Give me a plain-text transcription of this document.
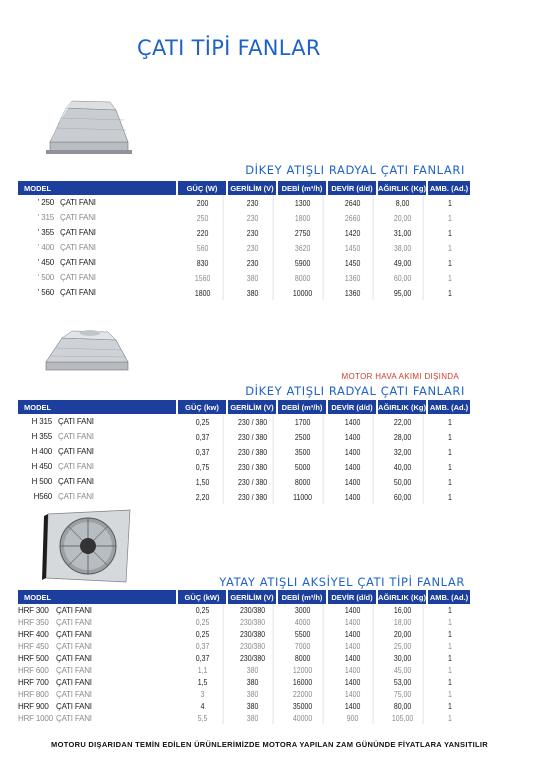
ÇATI TİPİ FANLAR
DİKEY ATIŞLI RADYAL ÇATI FANLARI
MODEL	GÜÇ (W)	GERİLİM (V)	DEBİ (m³/h)	DEVİR (d/d)	AĞIRLIK (Kg)	AMB. (Ad.)
' 250 ÇATI FANI	200	230	1300	2640	8,00	1
' 315 ÇATI FANI	250	230	1800	2660	20,00	1
' 355 ÇATI FANI	220	230	2750	1420	31,00	1
' 400 ÇATI FANI	560	230	3620	1450	38,00	1
' 450 ÇATI FANI	830	230	5900	1450	49,00	1
' 500 ÇATI FANI	1560	380	8000	1360	60,00	1
' 560 ÇATI FANI	1800	380	10000	1360	95,00	1
MOTOR HAVA AKIMI DIŞINDA
DİKEY ATIŞLI RADYAL ÇATI FANLARI
MODEL	GÜÇ (kw)	GERİLİM (V)	DEBİ (m³/h)	DEVİR (d/d)	AĞIRLIK (Kg)	AMB. (Ad.)
H 315 ÇATI FANI	0,25	230 / 380	1700	1400	22,00	1
H 355 ÇATI FANI	0,37	230 / 380	2500	1400	28,00	1
H 400 ÇATI FANI	0,37	230 / 380	3500	1400	32,00	1
H 450 ÇATI FANI	0,75	230 / 380	5000	1400	40,00	1
H 500 ÇATI FANI	1,50	230 / 380	8000	1400	50,00	1
H560 ÇATI FANI	2,20	230 / 380	11000	1400	60,00	1
YATAY ATIŞLI AKSİYEL ÇATI TİPİ FANLAR
MODEL	GÜÇ (kW)	GERİLİM (V)	DEBİ (m³/h)	DEVİR (d/d)	AĞIRLIK (Kg)	AMB. (Ad.)
HRF 300 ÇATI FANI	0,25	230/380	3000	1400	16,00	1
HRF 350 ÇATI FANI	0,25	230/380	4000	1400	18,00	1
HRF 400 ÇATI FANI	0,25	230/380	5500	1400	20,00	1
HRF 450 ÇATI FANI	0,37	230/380	7000	1400	25,00	1
HRF 500 ÇATI FANI	0,37	230/380	8000	1400	30,00	1
HRF 600 ÇATI FANI	1,1	380	12000	1400	45,00	1
HRF 700 ÇATI FANI	1,5	380	16000	1400	53,00	1
HRF 800 ÇATI FANI	3	380	22000	1400	75,00	1
HRF 900 ÇATI FANI	4	380	35000	1400	80,00	1
HRF 1000 ÇATI FANI	5,5	380	40000	900	105,00	1
MOTORU DIŞARIDAN TEMİN EDİLEN ÜRÜNLERİMİZDE MOTORA YAPILAN ZAM GÜNÜNDE FİYATLARA YANSITILIR
